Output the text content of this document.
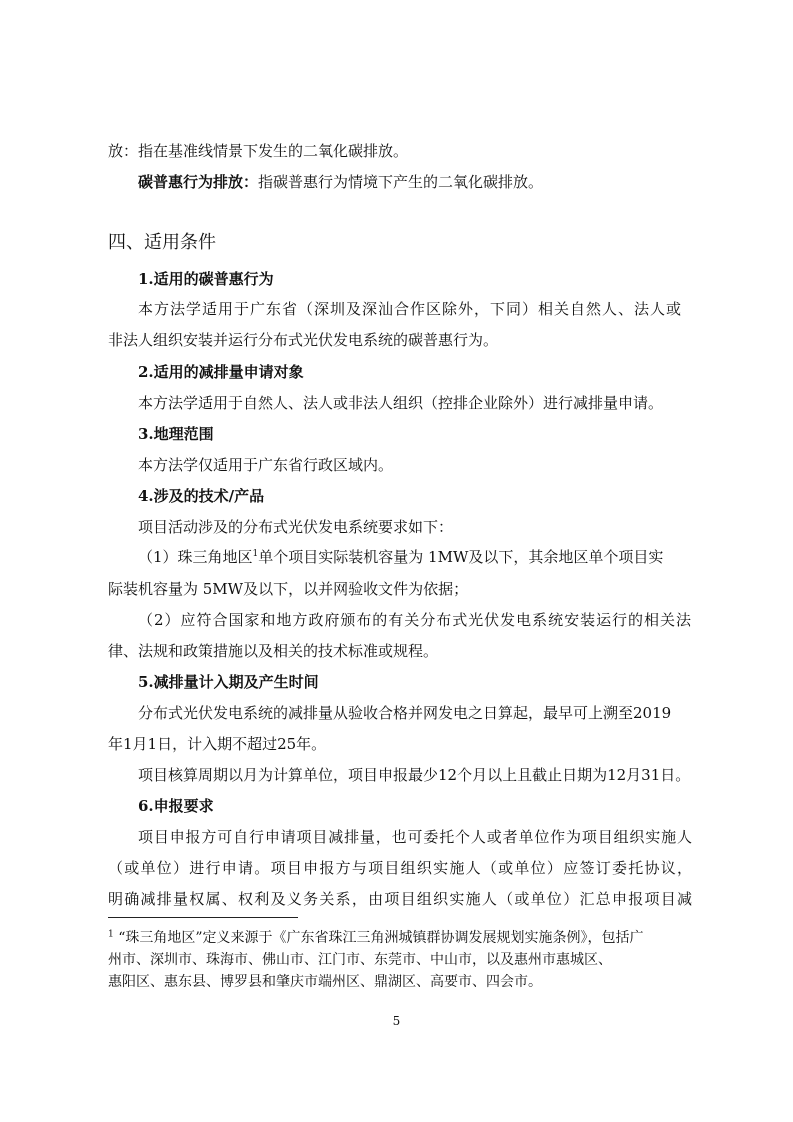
放：指在基准线情景下发生的二氧化碳排放。
碳普惠行为排放：指碳普惠行为情境下产生的二氧化碳排放。
四、适用条件
1.适用的碳普惠行为
本方法学适用于广东省（深圳及深汕合作区除外，下同）相关自然人、法人或
非法人组织安装并运行分布式光伏发电系统的碳普惠行为。
2.适用的减排量申请对象
本方法学适用于自然人、法人或非法人组织（控排企业除外）进行减排量申请。
3.地理范围
本方法学仅适用于广东省行政区域内。
4.涉及的技术/产品
项目活动涉及的分布式光伏发电系统要求如下：
（1）珠三角地区$^1$单个项目实际装机容量为 1MW及以下，其余地区单个项目实
际装机容量为 5MW及以下，以并网验收文件为依据；
（2）应符合国家和地方政府颁布的有关分布式光伏发电系统安装运行的相关法
律、法规和政策措施以及相关的技术标准或规程。
5.减排量计入期及产生时间
分布式光伏发电系统的减排量从验收合格并网发电之日算起，最早可上溯至2019
年1月1日，计入期不超过25年。
项目核算周期以月为计算单位，项目申报最少12个月以上且截止日期为12月31日。
6.申报要求
项目申报方可自行申请项目减排量，也可委托个人或者单位作为项目组织实施人
（或单位）进行申请。项目申报方与项目组织实施人（或单位）应签订委托协议，
明确减排量权属、权利及义务关系，由项目组织实施人（或单位）汇总申报项目减
$^1$ “珠三角地区”定义来源于《广东省珠江三角洲城镇群协调发展规划实施条例》，包括广
州市、深圳市、珠海市、佛山市、江门市、东莞市、中山市，以及惠州市惠城区、
惠阳区、惠东县、博罗县和肇庆市端州区、鼎湖区、高要市、四会市。
5
